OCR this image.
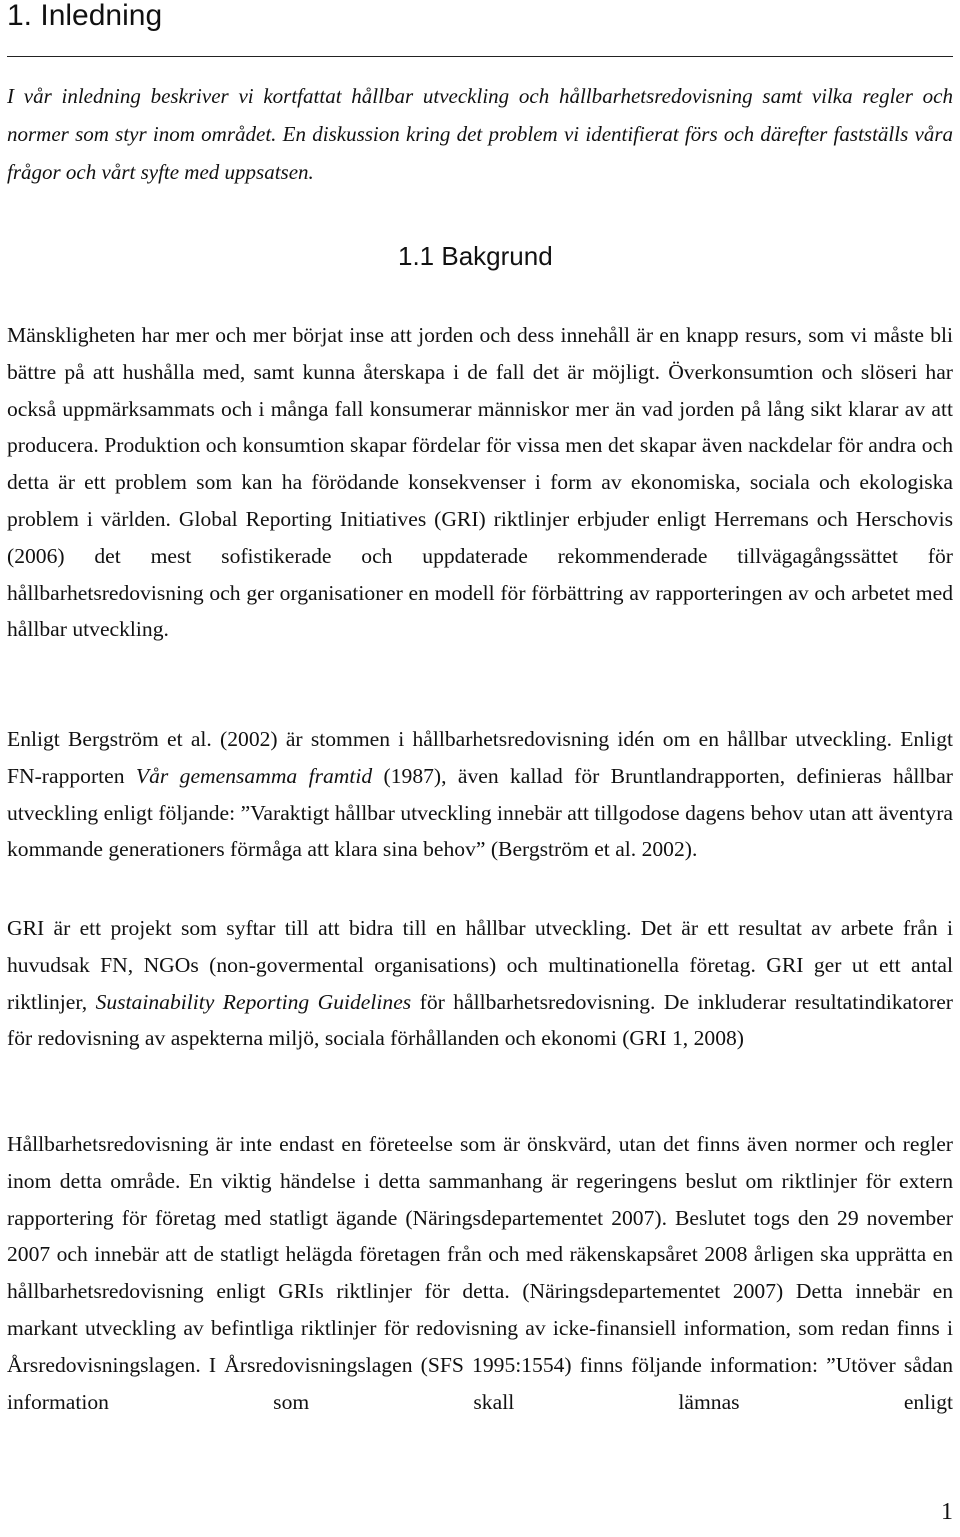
1. Inledning

I vår inledning beskriver vi kortfattat hållbar utveckling och hållbarhetsredovisning samt vilka regler och normer som styr inom området. En diskussion kring det problem vi identifierat förs och därefter fastställs våra frågor och vårt syfte med uppsatsen.

1.1 Bakgrund

Mänskligheten har mer och mer börjat inse att jorden och dess innehåll är en knapp resurs, som vi måste bli bättre på att hushålla med, samt kunna återskapa i de fall det är möjligt. Överkonsumtion och slöseri har också uppmärksammats och i många fall konsumerar människor mer än vad jorden på lång sikt klarar av att producera. Produktion och konsumtion skapar fördelar för vissa men det skapar även nackdelar för andra och detta är ett problem som kan ha förödande konsekvenser i form av ekonomiska, sociala och ekologiska problem i världen. Global Reporting Initiatives (GRI) riktlinjer erbjuder enligt Herremans och Herschovis (2006) det mest sofistikerade och uppdaterade rekommenderade tillvägagångssättet för hållbarhetsredovisning och ger organisationer en modell för förbättring av rapporteringen av och arbetet med hållbar utveckling.

Enligt Bergström et al. (2002) är stommen i hållbarhetsredovisning idén om en hållbar utveckling. Enligt FN-rapporten Vår gemensamma framtid (1987), även kallad för Bruntlandrapporten, definieras hållbar utveckling enligt följande: ”Varaktigt hållbar utveckling innebär att tillgodose dagens behov utan att äventyra kommande generationers förmåga att klara sina behov” (Bergström et al. 2002).

GRI är ett projekt som syftar till att bidra till en hållbar utveckling. Det är ett resultat av arbete från i huvudsak FN, NGOs (non-govermental organisations) och multinationella företag. GRI ger ut ett antal riktlinjer, Sustainability Reporting Guidelines för hållbarhetsredovisning. De inkluderar resultatindikatorer för redovisning av aspekterna miljö, sociala förhållanden och ekonomi (GRI 1, 2008)

Hållbarhetsredovisning är inte endast en företeelse som är önskvärd, utan det finns även normer och regler inom detta område. En viktig händelse i detta sammanhang är regeringens beslut om riktlinjer för extern rapportering för företag med statligt ägande (Näringsdepartementet 2007). Beslutet togs den 29 november 2007 och innebär att de statligt helägda företagen från och med räkenskapsåret 2008 årligen ska upprätta en hållbarhetsredovisning enligt GRIs riktlinjer för detta. (Näringsdepartementet 2007) Detta innebär en markant utveckling av befintliga riktlinjer för redovisning av icke-finansiell information, som redan finns i Årsredovisningslagen. I Årsredovisningslagen (SFS 1995:1554) finns följande information: ”Utöver sådan information som skall lämnas enligt

1
